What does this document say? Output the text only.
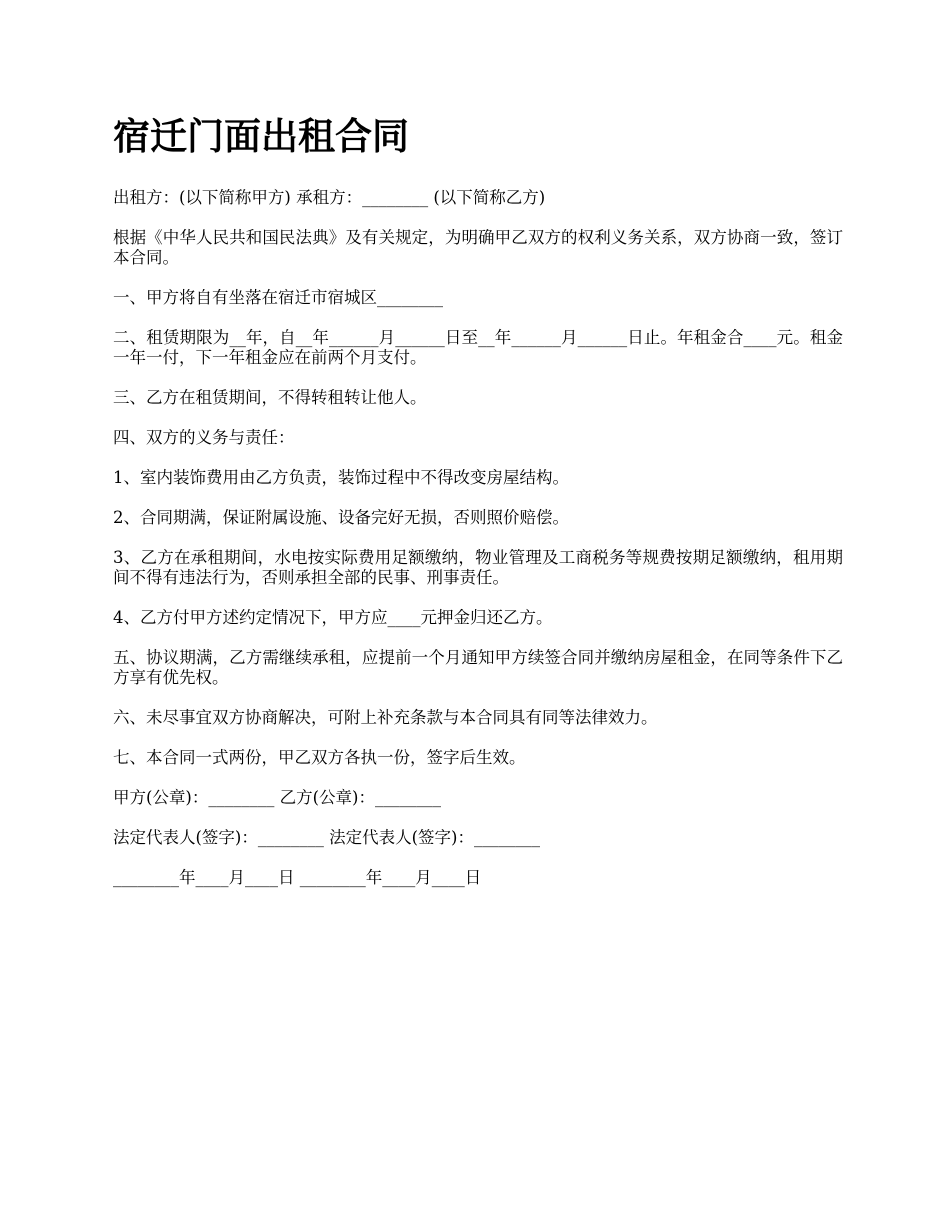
宿迁门面出租合同

出租方：(以下简称甲方) 承租方：________ (以下简称乙方)

根据《中华人民共和国民法典》及有关规定，为明确甲乙双方的权利义务关系，双方协商一致，签订本合同。

一、甲方将自有坐落在宿迁市宿城区________

二、租赁期限为__年，自__年______月______日至__年______月______日止。年租金合____元。租金一年一付，下一年租金应在前两个月支付。

三、乙方在租赁期间，不得转租转让他人。

四、双方的义务与责任：

1、室内装饰费用由乙方负责，装饰过程中不得改变房屋结构。

2、合同期满，保证附属设施、设备完好无损，否则照价赔偿。

3、乙方在承租期间，水电按实际费用足额缴纳，物业管理及工商税务等规费按期足额缴纳，租用期间不得有违法行为，否则承担全部的民事、刑事责任。

4、乙方付甲方述约定情况下，甲方应____元押金归还乙方。

五、协议期满，乙方需继续承租，应提前一个月通知甲方续签合同并缴纳房屋租金，在同等条件下乙方享有优先权。

六、未尽事宜双方协商解决，可附上补充条款与本合同具有同等法律效力。

七、本合同一式两份，甲乙双方各执一份，签字后生效。

甲方(公章)：________ 乙方(公章)：________

法定代表人(签字)：________ 法定代表人(签字)：________

________年____月____日 ________年____月____日
